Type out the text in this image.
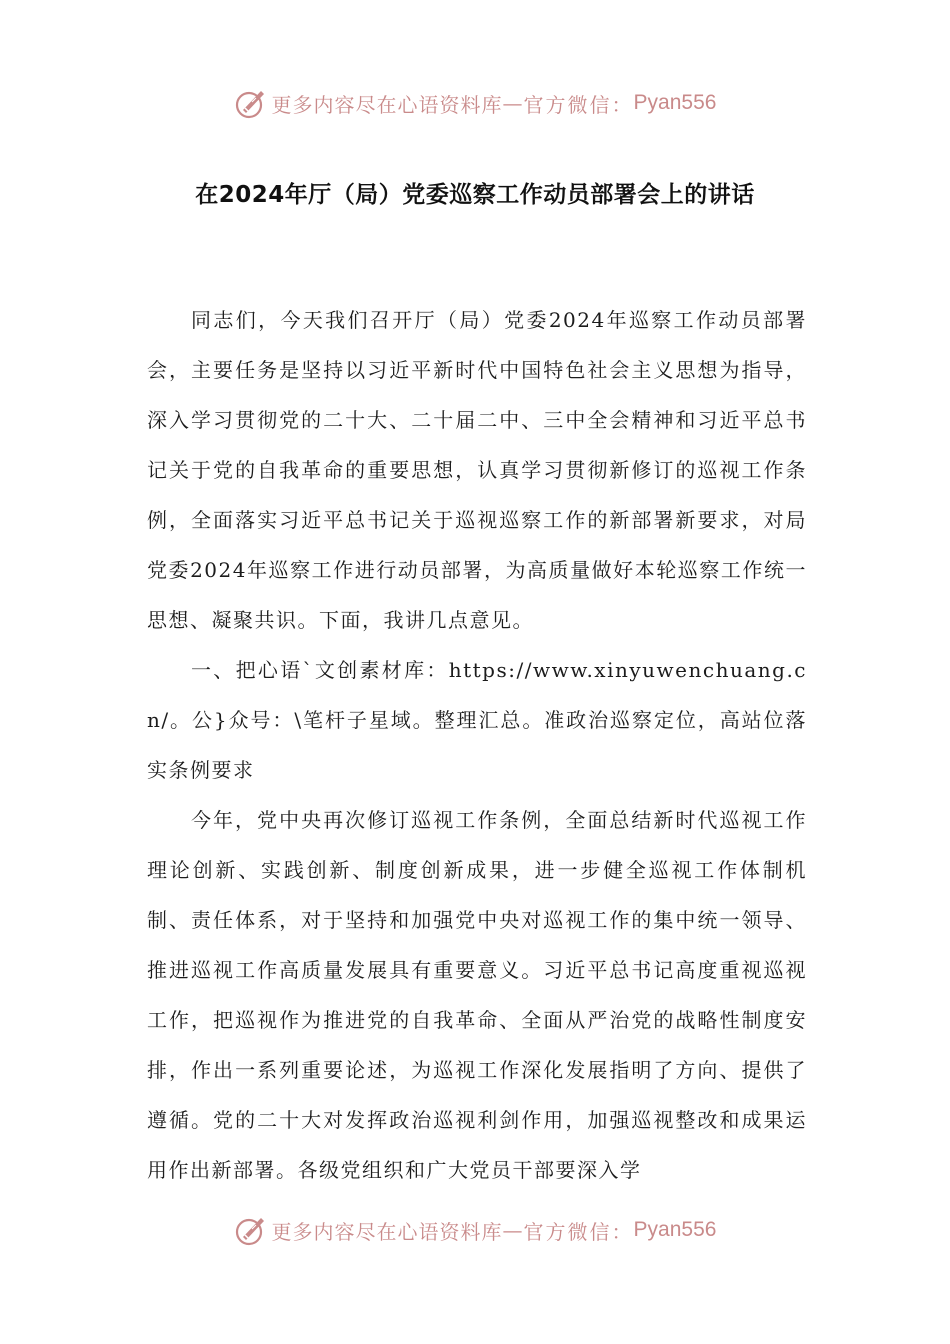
更多内容尽在心语资料库 — 官方微信： Pyan556
在2024年厅（局）党委巡察工作动员部署会上的讲话

同志们，今天我们召开厅（局）党委2024年巡察工作动员部署会，主要任务是坚持以习近平新时代中国特色社会主义思想为指导，深入学习贯彻党的二十大、二十届二中、三中全会精神和习近平总书记关于党的自我革命的重要思想，认真学习贯彻新修订的巡视工作条例，全面落实习近平总书记关于巡视巡察工作的新部署新要求，对局党委2024年巡察工作进行动员部署，为高质量做好本轮巡察工作统一思想、凝聚共识。下面，我讲几点意见。

一、把心语`文创素材库：https://www.xinyuwenchuang.cn/。公}众号：\笔杆子星域。整理汇总。准政治巡察定位，高站位落实条例要求

今年，党中央再次修订巡视工作条例，全面总结新时代巡视工作理论创新、实践创新、制度创新成果，进一步健全巡视工作体制机制、责任体系，对于坚持和加强党中央对巡视工作的集中统一领导、推进巡视工作高质量发展具有重要意义。习近平总书记高度重视巡视工作，把巡视作为推进党的自我革命、全面从严治党的战略性制度安排，作出一系列重要论述，为巡视工作深化发展指明了方向、提供了遵循。党的二十大对发挥政治巡视利剑作用，加强巡视整改和成果运用作出新部署。各级党组织和广大党员干部要深入学

更多内容尽在心语资料库 — 官方微信： Pyan556
